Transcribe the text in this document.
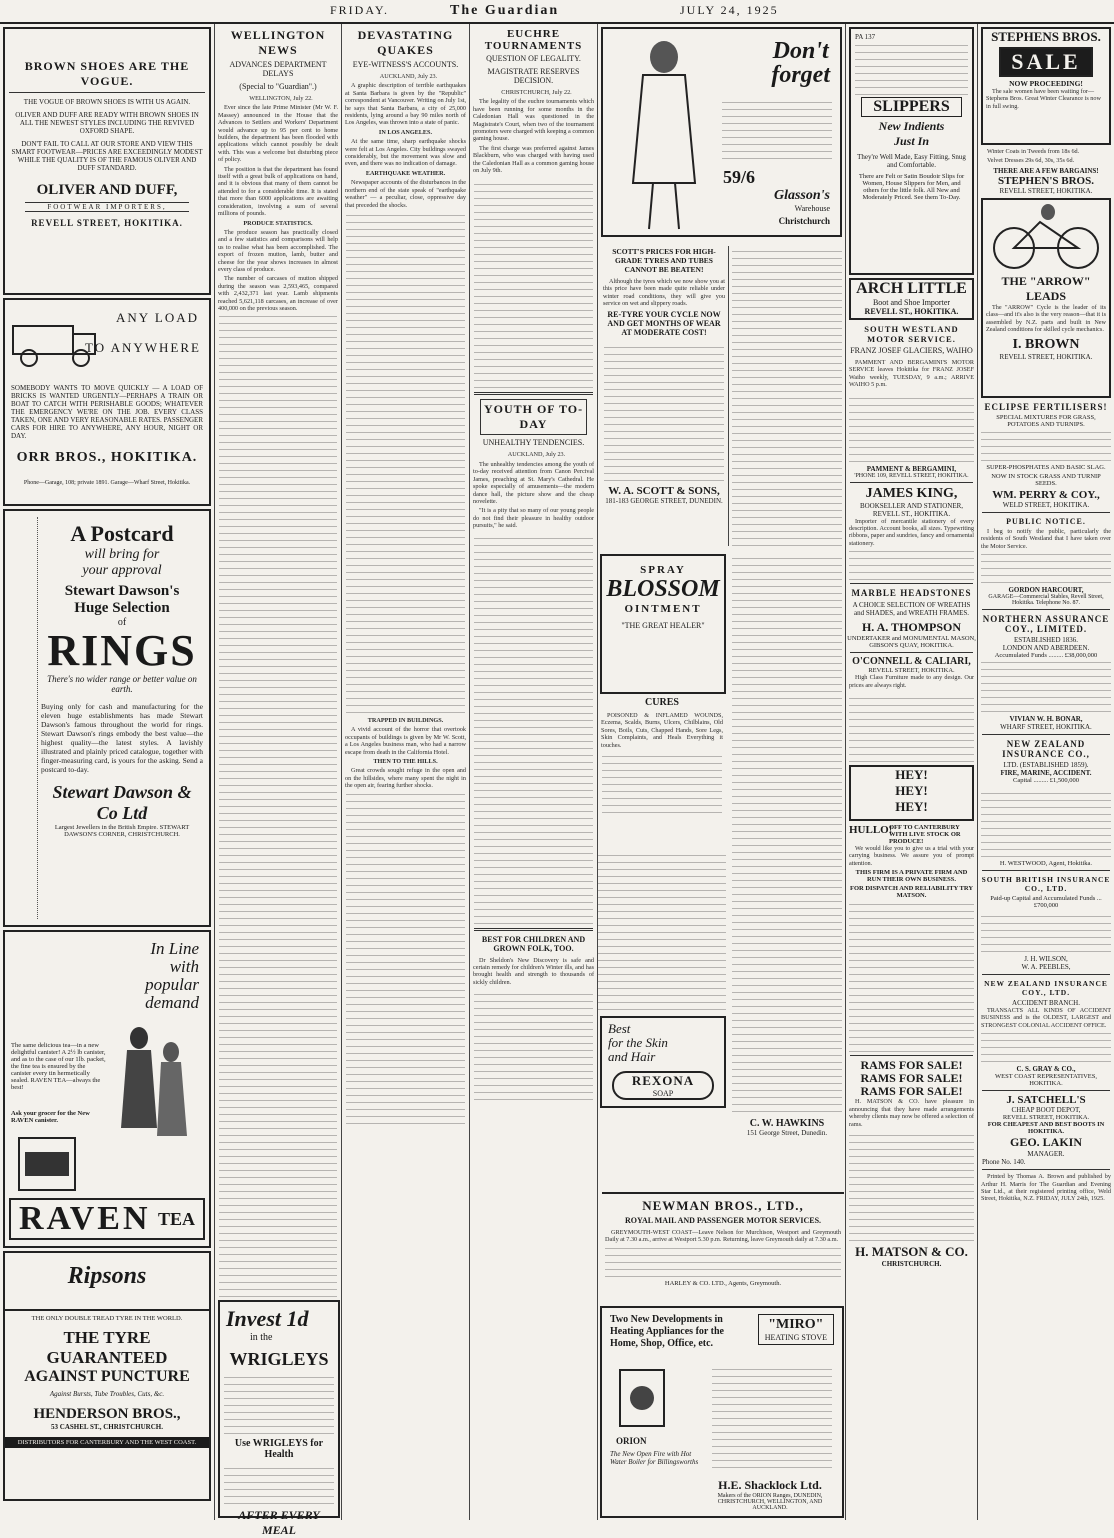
FRIDAY.	The Guardian	JULY 24, 1925
BROWN SHOES ARE THE VOGUE.
THE VOGUE OF BROWN SHOES IS WITH US AGAIN.
OLIVER AND DUFF ARE READY WITH BROWN SHOES IN ALL THE NEWEST STYLES INCLUDING THE REVIVED OXFORD SHAPE.
DON'T FAIL TO CALL AT OUR STORE AND VIEW THIS SMART FOOTWEAR—PRICES ARE EXCEEDINGLY MODEST WHILE THE QUALITY IS OF THE FAMOUS OLIVER AND DUFF STANDARD.
OLIVER AND DUFF,
FOOTWEAR IMPORTERS,
REVELL STREET, HOKITIKA.
ANY LOAD
TO ANYWHERE
SOMEBODY WANTS TO MOVE QUICKLY — A LOAD OF BRICKS IS WANTED URGENTLY—PERHAPS A TRAIN OR BOAT TO CATCH WITH PERISHABLE GOODS; WHATEVER THE EMERGENCY WE'RE ON THE JOB. EVERY CLASS TAKEN, ONE AND VERY REASONABLE RATES. PASSENGER CARS FOR HIRE TO ANYWHERE, ANY HOUR, NIGHT OR DAY.
ORR BROS., HOKITIKA.
Phone—Garage, 108; private 1891. Garage—Wharf Street, Hokitika.
A Postcard
will bring for
your approval
Stewart Dawson's
Huge Selection
of
RINGS
There's no wider range or better value on earth.
Buying only for cash and manufacturing for the eleven huge establishments has made Stewart Dawson's famous throughout the world for rings. Stewart Dawson's rings embody the best value—the highest quality—the latest styles. A lavishly illustrated and plainly priced catalogue, together with finger-measuring card, is yours for the asking. Send a postcard to-day.
Stewart Dawson & Co Ltd
Largest Jewellers in the British Empire. STEWART DAWSON'S CORNER, CHRISTCHURCH.
In Line
with
popular
demand
The same delicious tea—in a new delightful canister! A 2½ lb canister, and as to the case of our 1lb. packet, the fine tea is ensured by the canister every tin hermetically sealed. RAVEN TEA—always the best!
Ask your grocer for the New RAVEN canister.
RAVEN TEA
Ripsons
THE ONLY DOUBLE TREAD TYRE IN THE WORLD.
THE TYRE
GUARANTEED
AGAINST PUNCTURE
Against Bursts, Tube Troubles, Cuts, &c.
HENDERSON BROS.,
53 CASHEL ST., CHRISTCHURCH.
DISTRIBUTORS FOR CANTERBURY AND THE WEST COAST.
WELLINGTON NEWS
ADVANCES DEPARTMENT DELAYS
(Special to "Guardian".)

WELLINGTON, July 22.

Ever since the late Prime Minister (Mr W. F. Massey) announced in the House that the Advances to Settlers and Workers' Department would advance up to 95 per cent to home builders, the department has been flooded with applications which cannot possibly be dealt with. This was a welcome but disturbing piece of policy.

The position is that the department has found itself with a great bulk of applications on hand, and it is obvious that many of them cannot be attended to for a considerable time. It is stated that more than 6000 applications are awaiting consideration, involving a sum of several millions of pounds.

PRODUCE STATISTICS.

The produce season has practically closed and a few statistics and comparisons will help us to realise what has been accomplished. The export of frozen mutton, lamb, butter and cheese for the year shows increases in almost every class of produce.

The number of carcases of mutton shipped during the season was 2,593,465, compared with 2,432,371 last year. Lamb shipments reached 5,621,118 carcases, an increase of over 400,000 on the previous season.

DEVASTATING QUAKES
EYE-WITNESS'S ACCOUNTS.

AUCKLAND, July 23.

A graphic description of terrible earthquakes at Santa Barbara is given by the "Republic" correspondent at Vancouver. Writing on July 1st, he says that Santa Barbara, a city of 25,000 residents, lying around a bay 90 miles north of Los Angeles, was thrown into a state of panic.

IN LOS ANGELES.

At the same time, sharp earthquake shocks were felt at Los Angeles. City buildings swayed considerably, but the movement was slow and even, and there was no indication of damage.

EARTHQUAKE WEATHER.

Newspaper accounts of the disturbances in the northern end of the state speak of "earthquake weather" — a peculiar, close, oppressive day that preceded the shocks.

TRAPPED IN BUILDINGS.

A vivid account of the horror that overtook occupants of buildings is given by Mr W. Scott, a Los Angeles business man, who had a narrow escape from death in the California Hotel.

THEN TO THE HILLS.

Great crowds sought refuge in the open and on the hillsides, where many spent the night in the open air, fearing further shocks.

Invest 1d
in the
WRIGLEYS
Use WRIGLEYS for Health
AFTER EVERY MEAL
EUCHRE TOURNAMENTS
QUESTION OF LEGALITY.
MAGISTRATE RESERVES DECISION.

CHRISTCHURCH, July 22.

The legality of the euchre tournaments which have been running for some months in the Caledonian Hall was questioned in the Magistrate's Court, when two of the tournament promoters were charged with keeping a common gaming house.

The first charge was preferred against James Blackburn, who was charged with having used the Caledonian Hall as a common gaming house on July 9th.

YOUTH OF TO-DAY
UNHEALTHY TENDENCIES.

AUCKLAND, July 23.

The unhealthy tendencies among the youth of to-day received attention from Canon Percival James, preaching at St. Mary's Cathedral. He spoke especially of amusements—the modern dance hall, the picture show and the cheap novelette.

"It is a pity that so many of our young people do not find their pleasure in healthy outdoor pursuits," he said.

BEST FOR CHILDREN AND GROWN FOLK, TOO.

Dr Sheldon's New Discovery is safe and certain remedy for children's Winter ills, and has brought health and strength to thousands of sickly children.

Don't
forget
59/6
Glasson's
Warehouse
Christchurch
SCOTT'S PRICES FOR HIGH-GRADE TYRES AND TUBES CANNOT BE BEATEN!

Although the tyres which we now show you at this price have been made quite reliable under winter road conditions, they will give you service on wet and slippery roads.

RE-TYRE YOUR CYCLE NOW AND GET MONTHS OF WEAR AT MODERATE COST!
W. A. SCOTT & SONS,
181-183 GEORGE STREET, DUNEDIN.
SPRAY
BLOSSOM
OINTMENT
"THE GREAT HEALER"
CURES

POISONED & INFLAMED WOUNDS, Eczema, Scalds, Burns, Ulcers, Chilblains, Old Sores, Boils, Cuts, Chapped Hands, Sore Legs, Skin Complaints, and Heals Everything it touches.

C. W. HAWKINS
151 George Street, Dunedin.
Best
for the Skin
and Hair
REXONA
SOAP
NEWMAN BROS., LTD.,
ROYAL MAIL AND PASSENGER MOTOR SERVICES.

GREYMOUTH-WEST COAST—Leave Nelson for Murchison, Westport and Greymouth Daily at 7.30 a.m., arrive at Westport 5.30 p.m. Returning, leave Greymouth daily at 7.30 a.m.

HARLEY & CO. LTD., Agents, Greymouth.
Two New Developments in
Heating Appliances for the
Home, Shop, Office, etc.
"MIRO"
HEATING STOVE
ORION
The New Open Fire with Hot Water Boiler for Billingsworths
H.E. Shacklock Ltd.
Makers of the ORION Ranges, DUNEDIN, CHRISTCHURCH, WELLINGTON, AND AUCKLAND.
PA 137
SLIPPERS
New Indients
Just In
They're Well Made, Easy Fitting, Snug and Comfortable.
There are Felt or Satin Boudoir Slips for Women, House Slippers for Men, and others for the little folk. All New and Moderately Priced. See them To-Day.
ARCH LITTLE
Boot and Shoe Importer
REVELL ST., HOKITIKA.
SOUTH WESTLAND MOTOR SERVICE.
FRANZ JOSEF GLACIERS, WAIHO

PAMMENT AND BERGAMINI'S MOTOR SERVICE leaves Hokitika for FRANZ JOSEF Waiho weekly, TUESDAY, 9 a.m.; ARRIVE WAIHO 5 p.m.

PAMMENT & BERGAMINI,
'PHONE 109, REVELL STREET, HOKITIKA.
JAMES KING,
BOOKSELLER AND STATIONER,
REVELL ST., HOKITIKA.

Importer of mercantile stationery of every description. Account books, all sizes. Typewriting ribbons, paper and sundries, fancy and ornamental stationery.

MARBLE HEADSTONES
A CHOICE SELECTION OF WREATHS and SHADES, and WREATH FRAMES.
H. A. THOMPSON
UNDERTAKER and MONUMENTAL MASON,
GIBSON'S QUAY, HOKITIKA.
O'CONNELL & CALIARI,
REVELL STREET, HOKITIKA.

High Class Furniture made to any design. Our prices are always right.

HEY!
HEY!
HEY!
HULLO!
OFF TO CANTERBURY WITH LIVE STOCK OR PRODUCE!

We would like you to give us a trial with your carrying business. We assure you of prompt attention.

THIS FIRM IS A PRIVATE FIRM AND RUN THEIR OWN BUSINESS.
FOR DISPATCH AND RELIABILITY TRY MATSON.
RAMS FOR SALE!
RAMS FOR SALE!
RAMS FOR SALE!

H. MATSON & CO. have pleasure in announcing that they have made arrangements whereby clients may now be offered a selection of rams.

H. MATSON & CO.
CHRISTCHURCH.
STEPHENS BROS.
SALE
NOW PROCEEDING!

The sale women have been waiting for—Stephens Bros. Great Winter Clearance is now in full swing.

Winter Coats in Tweeds from 18s 6d.

Velvet Dresses 29s 6d, 30s, 35s 6d.

THERE ARE A FEW BARGAINS!
STEPHEN'S BROS.
REVELL STREET, HOKITIKA.
THE "ARROW"
LEADS

The "ARROW" Cycle is the leader of its class—and it's also is the very reason—that it is assembled by N.Z. parts and built in New Zealand conditions for skilled cycle mechanics.

I. BROWN
REVELL STREET, HOKITIKA.
ECLIPSE FERTILISERS!
SPECIAL MIXTURES FOR GRASS, POTATOES AND TURNIPS.
SUPER-PHOSPHATES AND BASIC SLAG.
NOW IN STOCK GRASS AND TURNIP SEEDS.
WM. PERRY & COY.,
WELD STREET, HOKITIKA.
PUBLIC NOTICE.

I beg to notify the public, particularly the residents of South Westland that I have taken over the Motor Service.

GORDON HARCOURT,
GARAGE—Commercial Stables, Revell Street, Hokitika. Telephone No. 87.
NORTHERN ASSURANCE COY., LIMITED.
ESTABLISHED 1836.
LONDON AND ABERDEEN.
Accumulated Funds ......... £38,000,000
VIVIAN W. H. BONAR,
WHARF STREET, HOKITIKA.
NEW ZEALAND INSURANCE CO.,
LTD. (ESTABLISHED 1859).
FIRE, MARINE, ACCIDENT.
Capital ......... £1,500,000
H. WESTWOOD, Agent, Hokitika.
SOUTH BRITISH INSURANCE CO., LTD.
Paid-up Capital and Accumulated Funds ... £700,000
J. H. WILSON,
W. A. PEEBLES,
NEW ZEALAND INSURANCE COY., LTD.
ACCIDENT BRANCH.

TRANSACTS ALL KINDS OF ACCIDENT BUSINESS and is the OLDEST, LARGEST and STRONGEST COLONIAL ACCIDENT OFFICE.

C. S. GRAY & CO.,
WEST COAST REPRESENTATIVES, HOKITIKA.
J. SATCHELL'S
CHEAP BOOT DEPOT,
REVELL STREET, HOKITIKA.
FOR CHEAPEST AND BEST BOOTS IN HOKITIKA.
GEO. LAKIN
MANAGER.
Phone No. 140.

Printed by Thomas A. Brown and published by Arthur H. Marris for The Guardian and Evening Star Ltd., at their registered printing office, Weld Street, Hokitika, N.Z. FRIDAY, JULY 24th, 1925.
